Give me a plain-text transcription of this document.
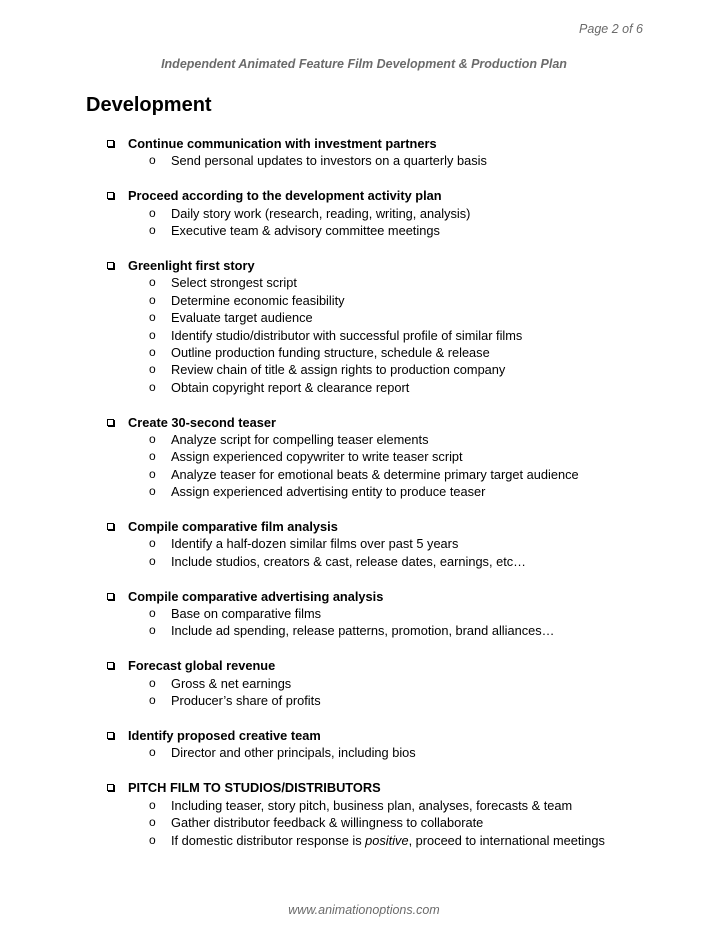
Page 2 of 6
Independent Animated Feature Film Development & Production Plan
Development
Continue communication with investment partners
o Send personal updates to investors on a quarterly basis
Proceed according to the development activity plan
o Daily story work (research, reading, writing, analysis)
o Executive team & advisory committee meetings
Greenlight first story
o Select strongest script
o Determine economic feasibility
o Evaluate target audience
o Identify studio/distributor with successful profile of similar films
o Outline production funding structure, schedule & release
o Review chain of title & assign rights to production company
o Obtain copyright report & clearance report
Create 30-second teaser
o Analyze script for compelling teaser elements
o Assign experienced copywriter to write teaser script
o Analyze teaser for emotional beats & determine primary target audience
o Assign experienced advertising entity to produce teaser
Compile comparative film analysis
o Identify a half-dozen similar films over past 5 years
o Include studios, creators & cast, release dates, earnings, etc…
Compile comparative advertising analysis
o Base on comparative films
o Include ad spending, release patterns, promotion, brand alliances…
Forecast global revenue
o Gross & net earnings
o Producer’s share of profits
Identify proposed creative team
o Director and other principals, including bios
PITCH FILM TO STUDIOS/DISTRIBUTORS
o Including teaser, story pitch, business plan, analyses, forecasts & team
o Gather distributor feedback & willingness to collaborate
o If domestic distributor response is positive, proceed to international meetings
www.animationoptions.com
